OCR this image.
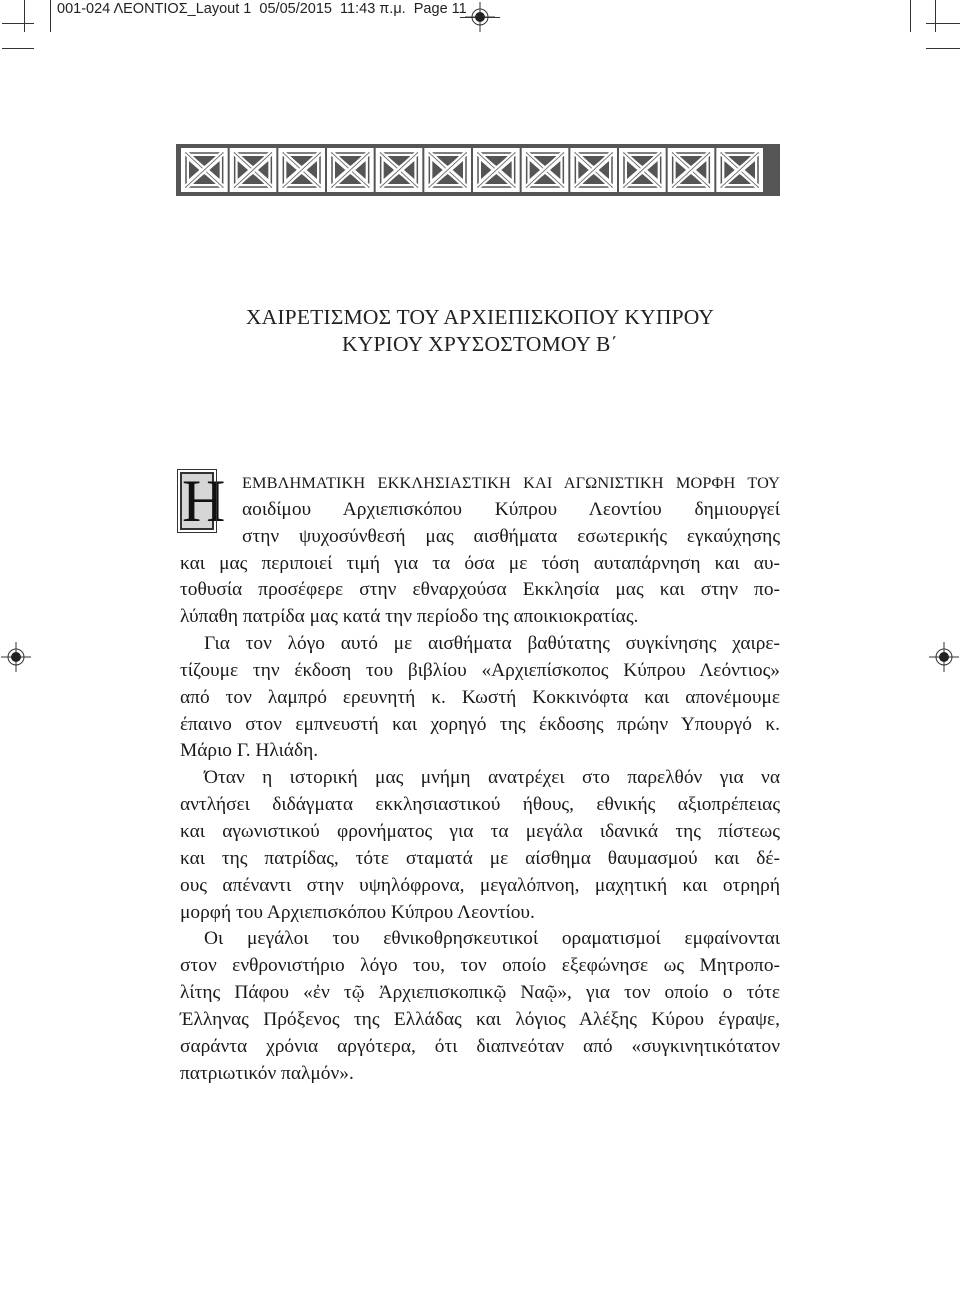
001-024 ΛΕΟΝΤΙΟΣ_Layout 1  05/05/2015  11:43 π.μ.  Page 11
ΧΑΙΡΕΤΙΣΜΟΣ ΤΟΥ ΑΡΧΙΕΠΙΣΚΟΠΟΥ ΚΥΠΡΟΥ
ΚΥΡΙΟΥ ΧΡΥΣΟΣΤΟΜΟΥ Β΄
Η	ΕΜΒΛΗΜΑΤΙΚΗ ΕΚΚΛΗΣΙΑΣΤΙΚΗ ΚΑΙ ΑΓΩΝΙΣΤΙΚΗ ΜΟΡΦΗ ΤΟΥ
αοιδίμου Αρχιεπισκόπου Κύπρου Λεοντίου δημιουργεί
στην ψυχοσύνθεσή μας αισθήματα εσωτερικής εγκαύχησης
και μας περιποιεί τιμή για τα όσα με τόση αυταπάρνηση και αυ-
τοθυσία προσέφερε στην εθναρχούσα Εκκλησία μας και στην πο-
λύπαθη πατρίδα μας κατά την περίοδο της αποικιοκρατίας.
Για τον λόγο αυτό με αισθήματα βαθύτατης συγκίνησης χαιρε-
τίζουμε την έκδοση του βιβλίου «Αρχιεπίσκοπος Κύπρου Λεόντιος»
από τον λαμπρό ερευνητή κ. Κωστή Κοκκινόφτα και απονέμουμε
έπαινο στον εμπνευστή και χορηγό της έκδοσης πρώην Υπουργό κ.
Μάριο Γ. Ηλιάδη.
Όταν η ιστορική μας μνήμη ανατρέχει στο παρελθόν για να
αντλήσει διδάγματα εκκλησιαστικού ήθους, εθνικής αξιοπρέπειας
και αγωνιστικού φρονήματος για τα μεγάλα ιδανικά της πίστεως
και της πατρίδας, τότε σταματά με αίσθημα θαυμασμού και δέ-
ους απέναντι στην υψηλόφρονα, μεγαλόπνοη, μαχητική και οτρηρή
μορφή του Αρχιεπισκόπου Κύπρου Λεοντίου.
Οι μεγάλοι του εθνικοθρησκευτικοί οραματισμοί εμφαίνονται
στον ενθρονιστήριο λόγο του, τον οποίο εξεφώνησε ως Μητροπο-
λίτης Πάφου «ἐν τῷ Ἀρχιεπισκοπικῷ Ναῷ», για τον οποίο ο τότε
Έλληνας Πρόξενος της Ελλάδας και λόγιος Αλέξης Κύρου έγραψε,
σαράντα χρόνια αργότερα, ότι διαπνεόταν από «συγκινητικότατον
πατριωτικόν παλμόν».
